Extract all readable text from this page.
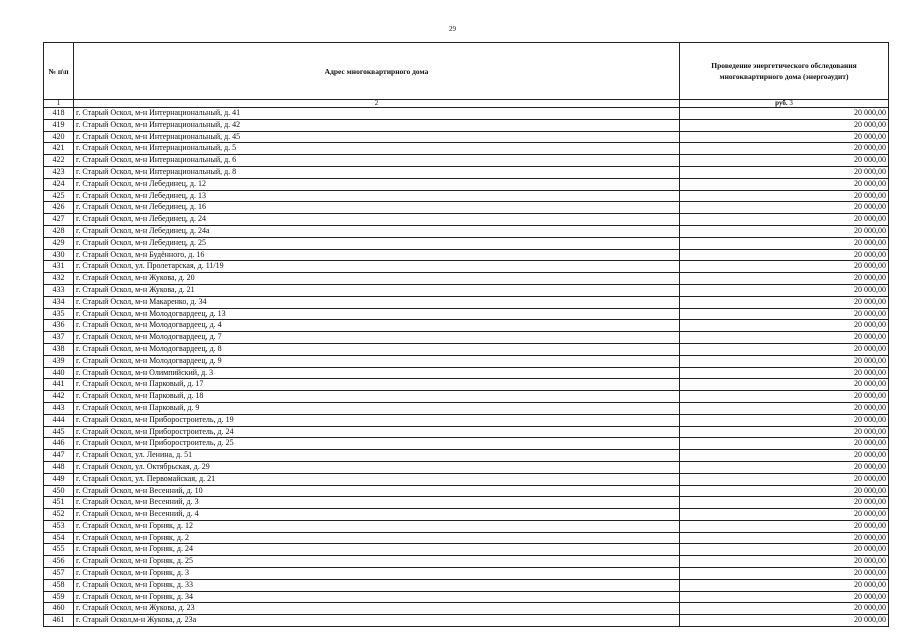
29
№ п\п	Адрес многоквартирного дома	Проведение энергетического обследования многоквартирного дома (энергоаудит)
1	2	руб. 3
418	г. Старый Оскол, м-н Интернациональный, д. 41	20 000,00
419	г. Старый Оскол, м-н Интернациональный, д. 42	20 000,00
420	г. Старый Оскол, м-н Интернациональный, д. 45	20 000,00
421	г. Старый Оскол, м-н Интернациональный, д. 5	20 000,00
422	г. Старый Оскол, м-н Интернациональный, д. 6	20 000,00
423	г. Старый Оскол, м-н Интернациональный, д. 8	20 000,00
424	г. Старый Оскол, м-н Лебединец, д. 12	20 000,00
425	г. Старый Оскол, м-н Лебединец, д. 13	20 000,00
426	г. Старый Оскол, м-н Лебединец, д. 16	20 000,00
427	г. Старый Оскол, м-н Лебединец, д. 24	20 000,00
428	г. Старый Оскол, м-н Лебединец, д. 24а	20 000,00
429	г. Старый Оскол, м-н Лебединец, д. 25	20 000,00
430	г. Старый Оскол, м-н Будённого, д. 16	20 000,00
431	г. Старый Оскол, ул. Пролетарская, д. 11/19	20 000,00
432	г. Старый Оскол, м-н Жукова, д. 20	20 000,00
433	г. Старый Оскол, м-н Жукова, д. 21	20 000,00
434	г. Старый Оскол, м-н Макаренко, д. 34	20 000,00
435	г. Старый Оскол, м-н Молодогвардеец, д. 13	20 000,00
436	г. Старый Оскол, м-н Молодогвардеец, д. 4	20 000,00
437	г. Старый Оскол, м-н Молодогвардеец, д. 7	20 000,00
438	г. Старый Оскол, м-н Молодогвардеец, д. 8	20 000,00
439	г. Старый Оскол, м-н Молодогвардеец, д. 9	20 000,00
440	г. Старый Оскол, м-н Олимпийский, д. 3	20 000,00
441	г. Старый Оскол, м-н Парковый, д. 17	20 000,00
442	г. Старый Оскол, м-н Парковый, д. 18	20 000,00
443	г. Старый Оскол, м-н Парковый, д. 9	20 000,00
444	г. Старый Оскол, м-н Приборостроитель, д. 19	20 000,00
445	г. Старый Оскол, м-н Приборостроитель, д. 24	20 000,00
446	г. Старый Оскол, м-н Приборостроитель, д. 25	20 000,00
447	г. Старый Оскол, ул. Ленина, д. 51	20 000,00
448	г. Старый Оскол, ул. Октябрьская, д. 29	20 000,00
449	г. Старый Оскол, ул. Первомайская, д. 21	20 000,00
450	г. Старый Оскол, м-н Весенний, д. 10	20 000,00
451	г. Старый Оскол, м-н Весенний, д. 3	20 000,00
452	г. Старый Оскол, м-н Весенний, д. 4	20 000,00
453	г. Старый Оскол, м-н Горняк, д. 12	20 000,00
454	г. Старый Оскол, м-н Горняк, д. 2	20 000,00
455	г. Старый Оскол, м-н Горняк, д. 24	20 000,00
456	г. Старый Оскол, м-н Горняк, д. 25	20 000,00
457	г. Старый Оскол, м-н Горняк, д. 3	20 000,00
458	г. Старый Оскол, м-н Горняк, д. 33	20 000,00
459	г. Старый Оскол, м-н Горняк, д. 34	20 000,00
460	г. Старый Оскол, м-н Жукова, д. 23	20 000,00
461	г. Старый Оскол,м-н Жукова, д. 23а	20 000,00
